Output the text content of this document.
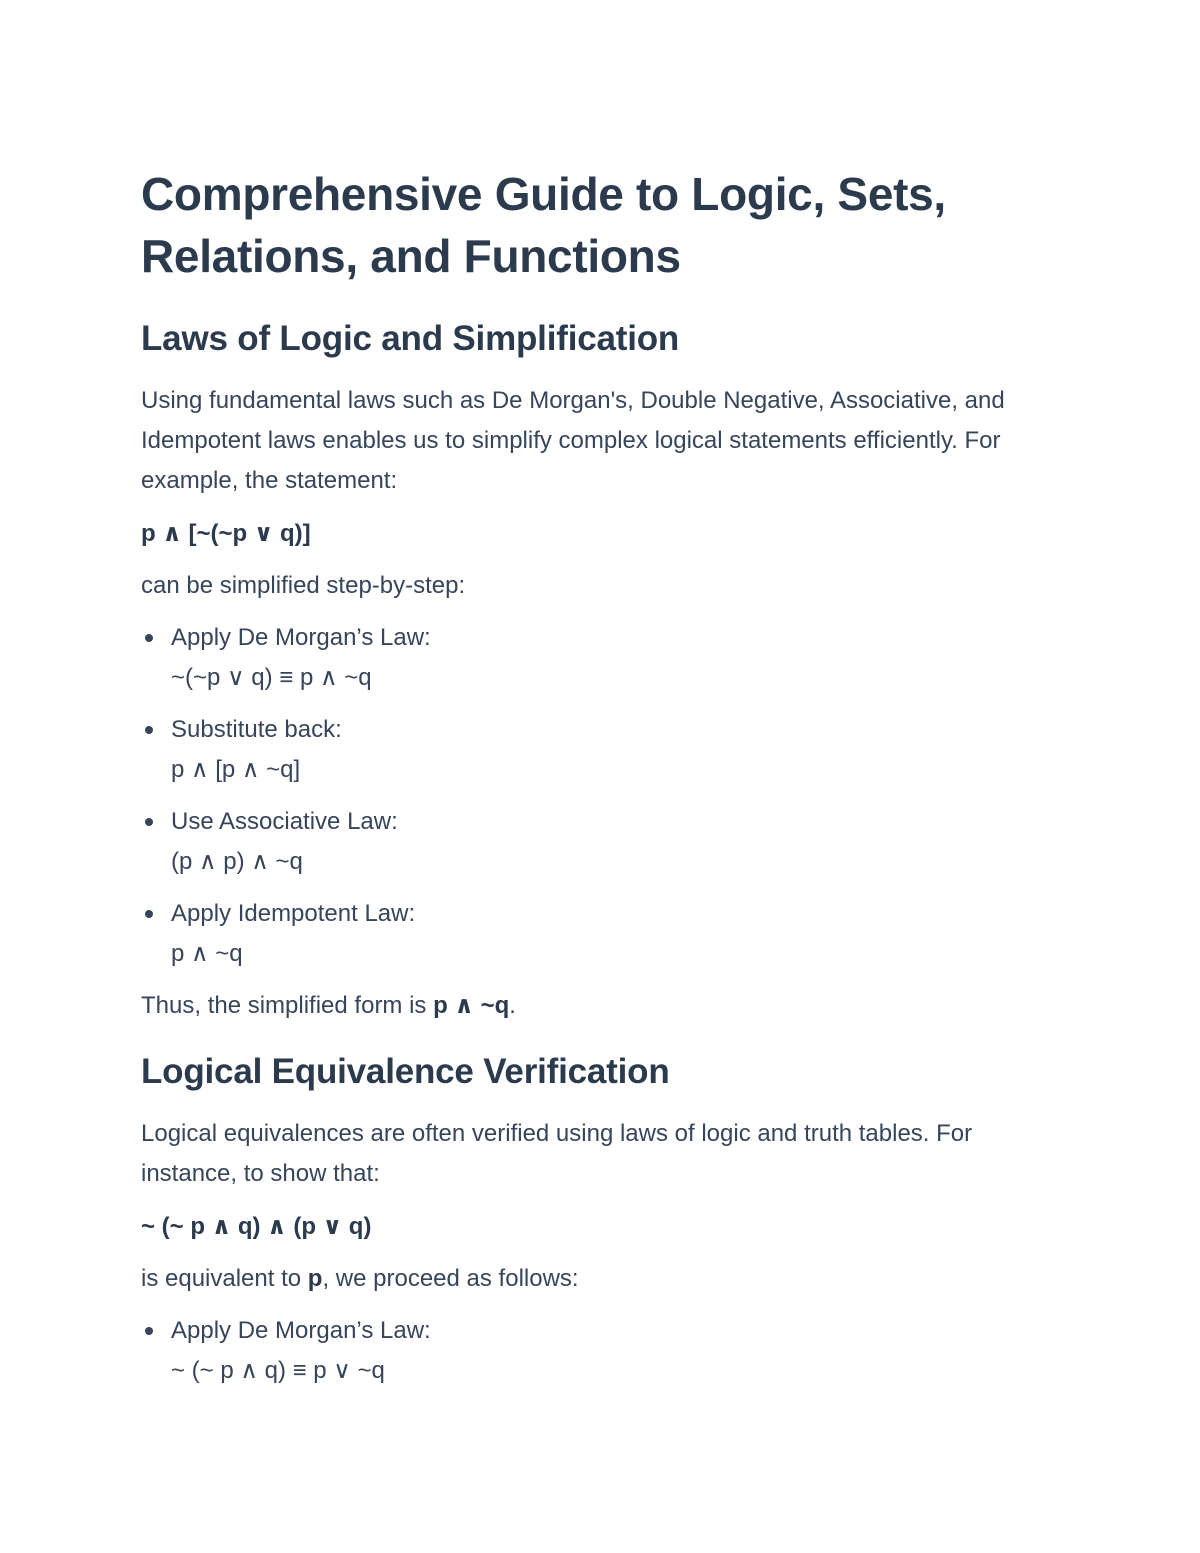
Comprehensive Guide to Logic, Sets, Relations, and Functions
Laws of Logic and Simplification

Using fundamental laws such as De Morgan's, Double Negative, Associative, and Idempotent laws enables us to simplify complex logical statements efficiently. For example, the statement:

p ∧ [~(~p ∨ q)]

can be simplified step-by-step:

Apply De Morgan’s Law:
~(~p ∨ q) ≡ p ∧ ~q
Substitute back:
p ∧ [p ∧ ~q]
Use Associative Law:
(p ∧ p) ∧ ~q
Apply Idempotent Law:
p ∧ ~q

Thus, the simplified form is p ∧ ~q.

Logical Equivalence Verification

Logical equivalences are often verified using laws of logic and truth tables. For instance, to show that:

~ (~ p ∧ q) ∧ (p ∨ q)

is equivalent to p, we proceed as follows:

Apply De Morgan’s Law:
~ (~ p ∧ q) ≡ p ∨ ~q
